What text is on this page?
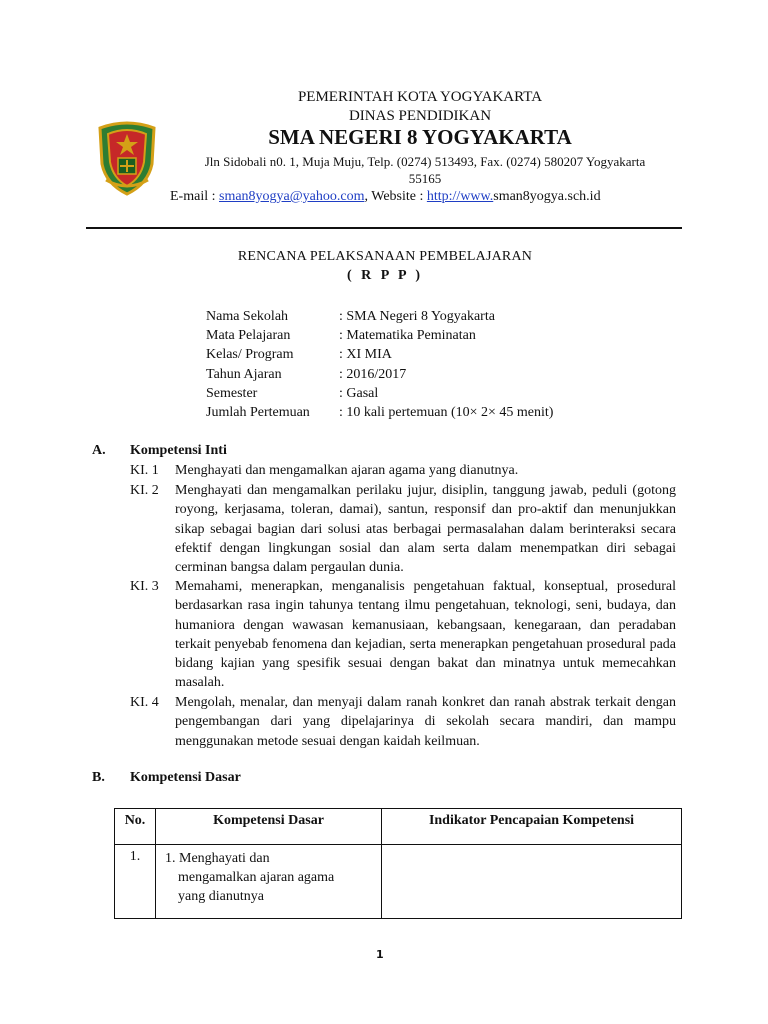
PEMERINTAH KOTA YOGYAKARTA
DINAS PENDIDIKAN
SMA NEGERI 8 YOGYAKARTA
Jln Sidobali n0. 1, Muja Muju, Telp. (0274) 513493, Fax. (0274) 580207 Yogyakarta
55165
E-mail : sman8yogya@yahoo.com, Website : http://www.sman8yogya.sch.id
RENCANA PELAKSANAAN PEMBELAJARAN
( R P P )
Nama Sekolah	: SMA Negeri 8 Yogyakarta
Mata Pelajaran	: Matematika Peminatan
Kelas/ Program	: XI MIA
Tahun Ajaran	: 2016/2017
Semester	: Gasal
Jumlah Pertemuan	: 10 kali pertemuan (10× 2× 45 menit)
A. Kompetensi Inti
KI. 1	Menghayati dan mengamalkan ajaran agama yang dianutnya.
KI. 2	Menghayati dan mengamalkan perilaku jujur, disiplin, tanggung jawab, peduli (gotong royong, kerjasama, toleran, damai), santun, responsif dan pro-aktif dan menunjukkan sikap sebagai bagian dari solusi atas berbagai permasalahan dalam berinteraksi secara efektif dengan lingkungan sosial dan alam serta dalam menempatkan diri sebagai cerminan bangsa dalam pergaulan dunia.
KI. 3	Memahami, menerapkan, menganalisis pengetahuan faktual, konseptual, prosedural berdasarkan rasa ingin tahunya tentang ilmu pengetahuan, teknologi, seni, budaya, dan humaniora dengan wawasan kemanusiaan, kebangsaan, kenegaraan, dan peradaban terkait penyebab fenomena dan kejadian, serta menerapkan pengetahuan prosedural pada bidang kajian yang spesifik sesuai dengan bakat dan minatnya untuk memecahkan masalah.
KI. 4	Mengolah, menalar, dan menyaji dalam ranah konkret dan ranah abstrak terkait dengan pengembangan dari yang dipelajarinya di sekolah secara mandiri, dan mampu menggunakan metode sesuai dengan kaidah keilmuan.
B. Kompetensi Dasar
No.	Kompetensi Dasar	Indikator Pencapaian Kompetensi
1.	1. Menghayati dan
mengamalkan ajaran agama
yang dianutnya	

1
